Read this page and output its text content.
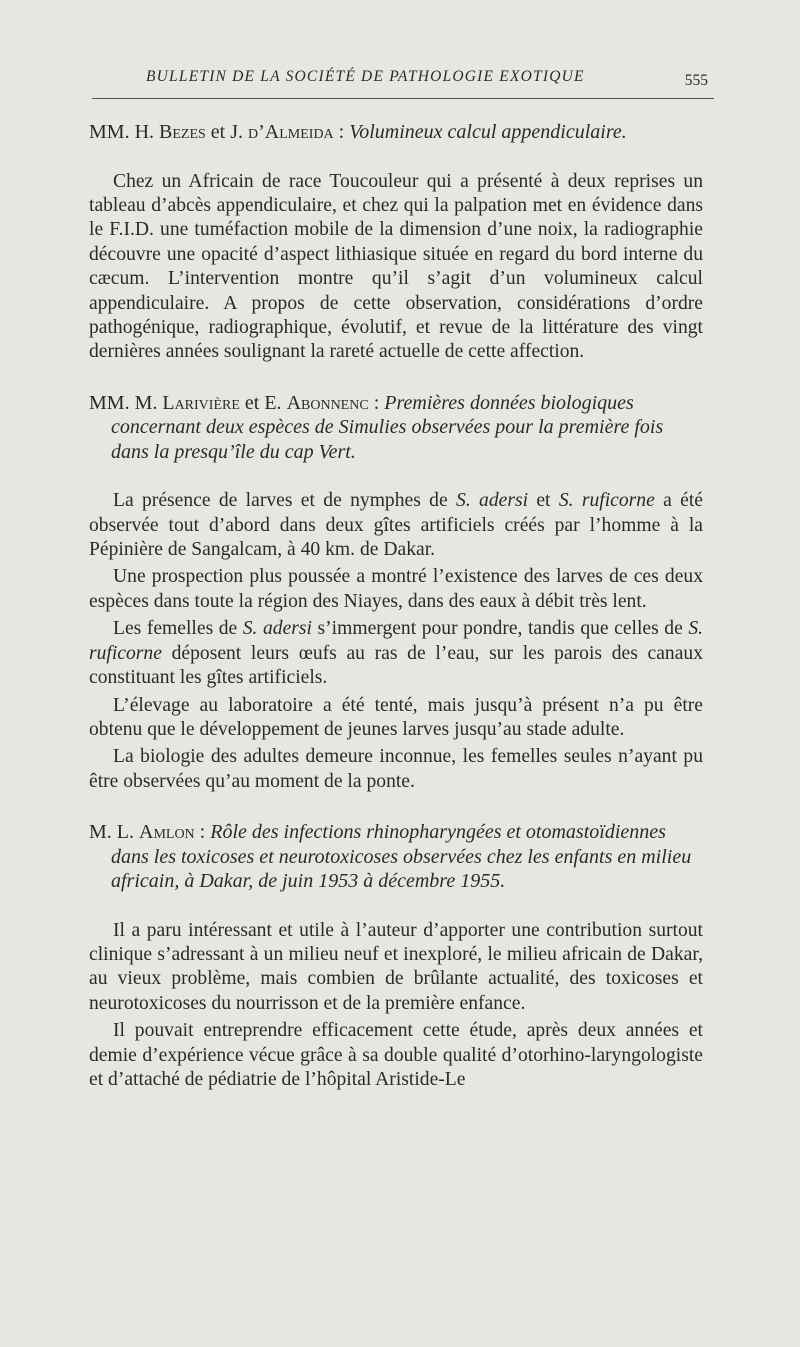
BULLETIN DE LA SOCIÉTÉ DE PATHOLOGIE EXOTIQUE	555
MM. H. Bezes et J. d’Almeida : Volumineux calcul appendiculaire.

Chez un Africain de race Toucouleur qui a présenté à deux reprises un tableau d’abcès appendiculaire, et chez qui la palpation met en évidence dans le F.I.D. une tuméfaction mobile de la dimension d’une noix, la radiographie découvre une opacité d’aspect lithiasique située en regard du bord interne du cæcum. L’intervention montre qu’il s’agit d’un volumineux calcul appendiculaire. A propos de cette observation, considérations d’ordre pathogénique, radiographique, évolutif, et revue de la littérature des vingt dernières années soulignant la rareté actuelle de cette affection.

MM. M. Larivière et E. Abonnenc : Premières données biologiques concernant deux espèces de Simulies observées pour la première fois dans la presqu’île du cap Vert.

La présence de larves et de nymphes de S. adersi et S. ruficorne a été observée tout d’abord dans deux gîtes artificiels créés par l’homme à la Pépinière de Sangalcam, à 40 km. de Dakar.

Une prospection plus poussée a montré l’existence des larves de ces deux espèces dans toute la région des Niayes, dans des eaux à débit très lent.

Les femelles de S. adersi s’immergent pour pondre, tandis que celles de S. ruficorne déposent leurs œufs au ras de l’eau, sur les parois des canaux constituant les gîtes artificiels.

L’élevage au laboratoire a été tenté, mais jusqu’à présent n’a pu être obtenu que le développement de jeunes larves jusqu’au stade adulte.

La biologie des adultes demeure inconnue, les femelles seules n’ayant pu être observées qu’au moment de la ponte.

M. L. Amlon : Rôle des infections rhinopharyngées et otomastoïdiennes dans les toxicoses et neurotoxicoses observées chez les enfants en milieu africain, à Dakar, de juin 1953 à décembre 1955.

Il a paru intéressant et utile à l’auteur d’apporter une contribution surtout clinique s’adressant à un milieu neuf et inexploré, le milieu africain de Dakar, au vieux problème, mais combien de brûlante actualité, des toxicoses et neurotoxicoses du nourrisson et de la première enfance.

Il pouvait entreprendre efficacement cette étude, après deux années et demie d’expérience vécue grâce à sa double qualité d’otorhino-laryngologiste et d’attaché de pédiatrie de l’hôpital Aristide-Le
